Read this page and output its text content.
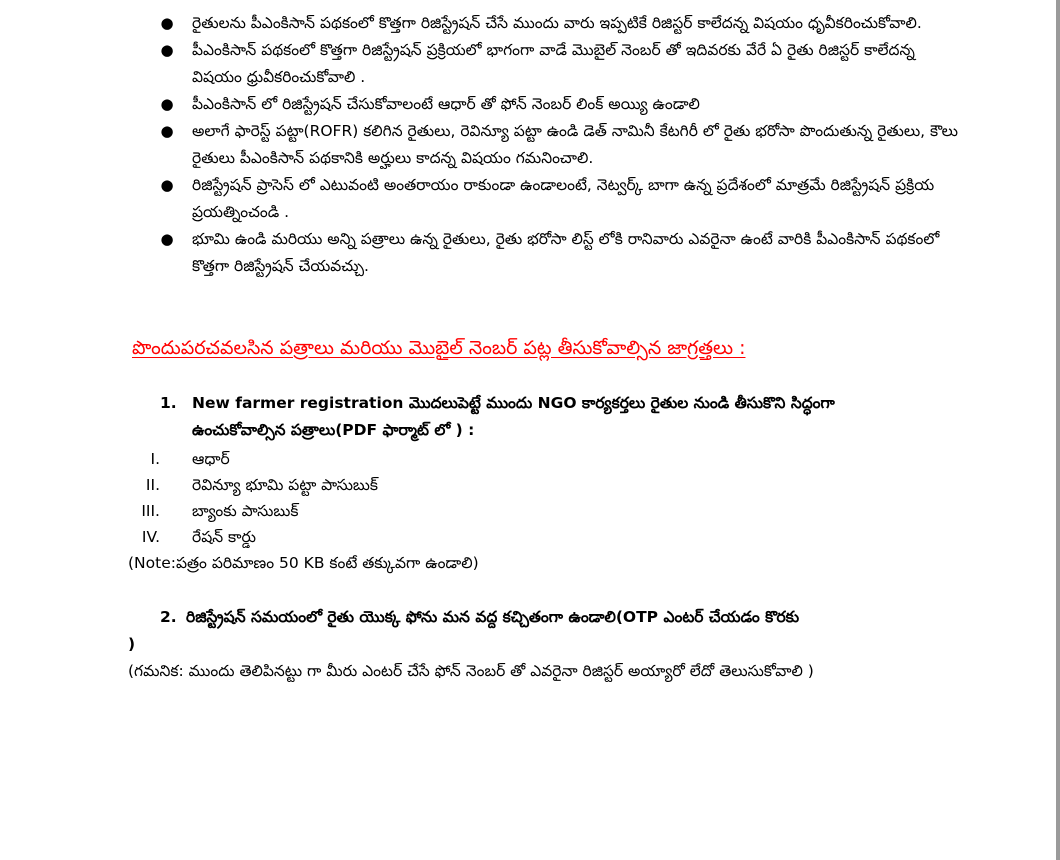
● రైతులను పీఎంకిసాన్ పథకంలో కొత్తగా రిజిస్ట్రేషన్ చేసే ముందు వారు ఇప్పటికే రిజిస్టర్ కాలేదన్న విషయం ధృవీకరించుకోవాలి.
● పీఎంకిసాన్ పథకంలో కొత్తగా రిజిస్ట్రేషన్ ప్రక్రియలో భాగంగా వాడే మొబైల్ నెంబర్ తో ఇదివరకు వేరే ఏ రైతు రిజిస్టర్ కాలేదన్న విషయం ధ్రువీకరించుకోవాలి .
● పీఎంకిసాన్ లో రిజిస్ట్రేషన్ చేసుకోవాలంటే ఆధార్ తో ఫోన్ నెంబర్ లింక్ అయ్యి ఉండాలి
● అలాగే ఫారెస్ట్ పట్టా(ROFR) కలిగిన రైతులు, రెవిన్యూ పట్టా ఉండి డెత్ నామినీ కేటగిరీ లో రైతు భరోసా పొందుతున్న రైతులు, కౌలు రైతులు పీఎంకిసాన్ పథకానికి అర్హులు కాదన్న విషయం గమనించాలి.
● రిజిస్ట్రేషన్ ప్రాసెస్ లో ఎటువంటి అంతరాయం రాకుండా ఉండాలంటే, నెట్వర్క్ బాగా ఉన్న ప్రదేశంలో మాత్రమే రిజిస్ట్రేషన్ ప్రక్రియ ప్రయత్నించండి .
● భూమి ఉండి మరియు అన్ని పత్రాలు ఉన్న రైతులు, రైతు భరోసా లిస్ట్ లోకి రానివారు ఎవరైనా ఉంటే వారికి పీఎంకిసాన్ పథకంలో కొత్తగా రిజిస్ట్రేషన్ చేయవచ్చు.
పొందుపరచవలసిన పత్రాలు మరియు మొబైల్ నెంబర్ పట్ల తీసుకోవాల్సిన జాగ్రత్తలు :
1. New farmer registration మొదలుపెట్టే ముందు NGO కార్యకర్తలు రైతుల నుండి తీసుకొని సిద్ధంగా ఉంచుకోవాల్సిన పత్రాలు(PDF ఫార్మాట్ లో ) :
I. ఆధార్
II. రెవిన్యూ భూమి పట్టా పాసుబుక్
III. బ్యాంకు పాసుబుక్
IV. రేషన్ కార్డు
(Note:పత్రం పరిమాణం 50 KB కంటే తక్కువగా ఉండాలి)
2. రిజిస్ట్రేషన్ సమయంలో రైతు యొక్క ఫోను మన వద్ద కచ్చితంగా ఉండాలి(OTP ఎంటర్ చేయడం కొరకు
)
(గమనిక: ముందు తెలిపినట్టు గా మీరు ఎంటర్ చేసే ఫోన్ నెంబర్ తో ఎవరైనా రిజిస్టర్ అయ్యారో లేదో తెలుసుకోవాలి )
